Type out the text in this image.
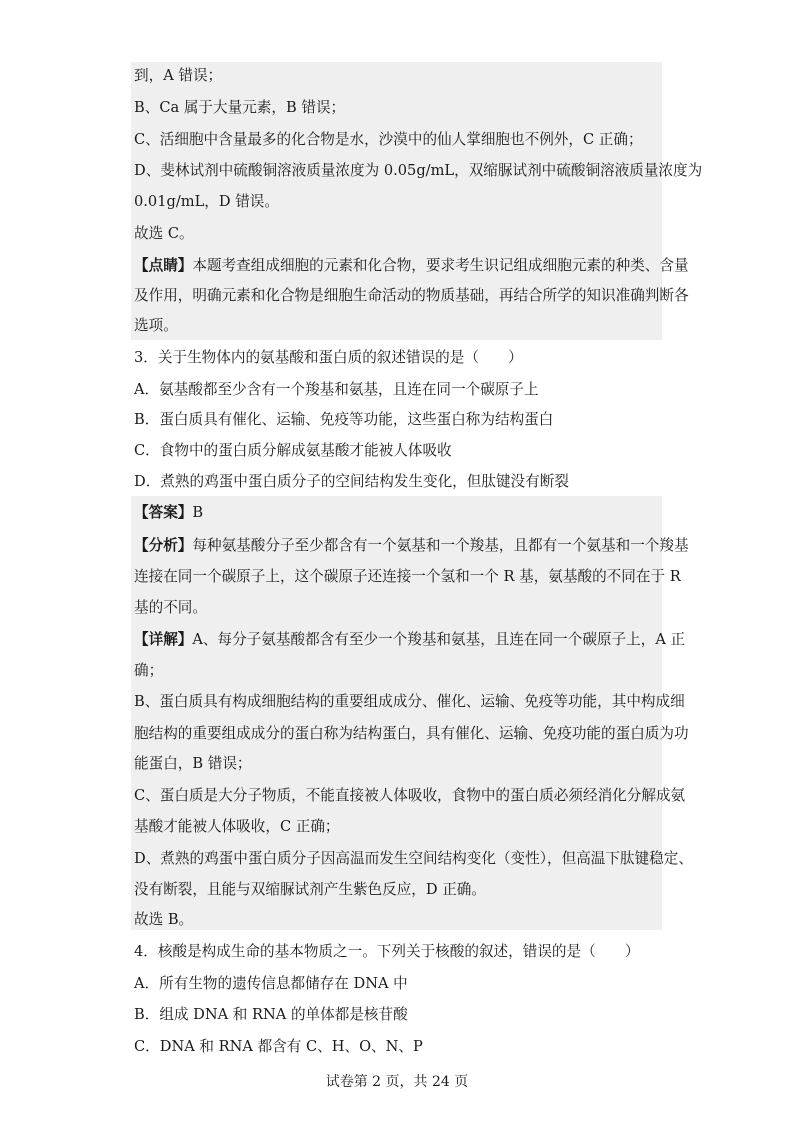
到，A 错误；
B、Ca 属于大量元素，B 错误；
C、活细胞中含量最多的化合物是水，沙漠中的仙人掌细胞也不例外，C 正确；
D、斐林试剂中硫酸铜溶液质量浓度为 0.05g/mL，双缩脲试剂中硫酸铜溶液质量浓度为
0.01g/mL，D 错误。
故选 C。
【点睛】本题考查组成细胞的元素和化合物，要求考生识记组成细胞元素的种类、含量
及作用，明确元素和化合物是细胞生命活动的物质基础，再结合所学的知识准确判断各
选项。
3．关于生物体内的氨基酸和蛋白质的叙述错误的是（　　）
A．氨基酸都至少含有一个羧基和氨基，且连在同一个碳原子上
B．蛋白质具有催化、运输、免疫等功能，这些蛋白称为结构蛋白
C．食物中的蛋白质分解成氨基酸才能被人体吸收
D．煮熟的鸡蛋中蛋白质分子的空间结构发生变化，但肽键没有断裂
【答案】B
【分析】每种氨基酸分子至少都含有一个氨基和一个羧基，且都有一个氨基和一个羧基
连接在同一个碳原子上，这个碳原子还连接一个氢和一个 R 基，氨基酸的不同在于 R
基的不同。
【详解】A、每分子氨基酸都含有至少一个羧基和氨基，且连在同一个碳原子上，A 正
确；
B、蛋白质具有构成细胞结构的重要组成成分、催化、运输、免疫等功能，其中构成细
胞结构的重要组成成分的蛋白称为结构蛋白，具有催化、运输、免疫功能的蛋白质为功
能蛋白，B 错误；
C、蛋白质是大分子物质，不能直接被人体吸收，食物中的蛋白质必须经消化分解成氨
基酸才能被人体吸收，C 正确；
D、煮熟的鸡蛋中蛋白质分子因高温而发生空间结构变化（变性），但高温下肽键稳定、
没有断裂，且能与双缩脲试剂产生紫色反应，D 正确。
故选 B。
4．核酸是构成生命的基本物质之一。下列关于核酸的叙述，错误的是（　　）
A．所有生物的遗传信息都储存在 DNA 中
B．组成 DNA 和 RNA 的单体都是核苷酸
C．DNA 和 RNA 都含有 C、H、O、N、P
试卷第 2 页，共 24 页
